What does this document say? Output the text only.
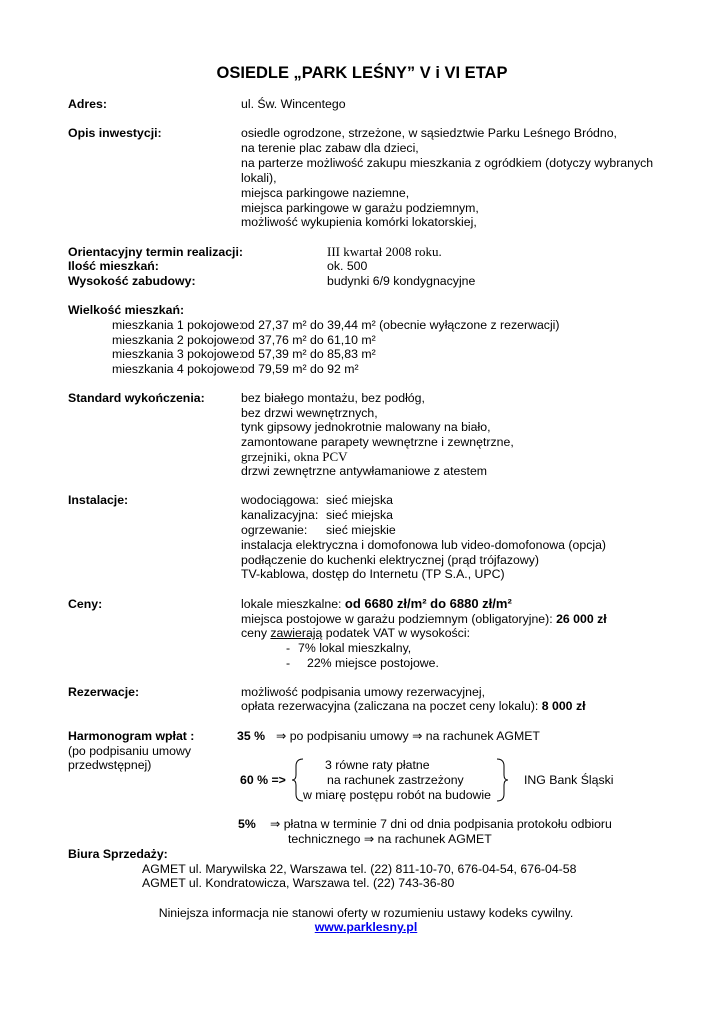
OSIEDLE „PARK LEŚNY” V i VI ETAP
Adres:	ul. Św. Wincentego
Opis inwestycji:	osiedle ogrodzone, strzeżone, w sąsiedztwie Parku Leśnego Bródno,
na terenie plac zabaw dla dzieci,
na parterze możliwość zakupu mieszkania z ogródkiem (dotyczy wybranych
lokali),
miejsca parkingowe naziemne,
miejsca parkingowe w garażu podziemnym,
możliwość wykupienia komórki lokatorskiej,
Orientacyjny termin realizacji:	III kwartał 2008 roku.
Ilość mieszkań:	ok. 500
Wysokość zabudowy:	budynki 6/9 kondygnacyjne
Wielkość mieszkań:
mieszkania 1 pokojowe:
od 27,37 m² do 39,44 m² (obecnie wyłączone z rezerwacji)
mieszkania 2 pokojowe:
od 37,76 m² do 61,10 m²
mieszkania 3 pokojowe:
od 57,39 m² do 85,83 m²
mieszkania 4 pokojowe:
od 79,59 m² do 92 m²
Standard wykończenia:	bez białego montażu, bez podłóg,
bez drzwi wewnętrznych,
tynk gipsowy jednokrotnie malowany na biało,
zamontowane parapety wewnętrzne i zewnętrzne,
grzejniki, okna PCV
drzwi zewnętrzne antywłamaniowe z atestem
Instalacje:	wodociągowa: sieć miejska
kanalizacyjna: sieć miejska
ogrzewanie: sieć miejskie
instalacja elektryczna i domofonowa lub video-domofonowa (opcja)
podłączenie do kuchenki elektrycznej (prąd trójfazowy)
TV-kablowa, dostęp do Internetu (TP S.A., UPC)
Ceny:	lokale mieszkalne: od 6680 zł/m² do 6880 zł/m²
miejsca postojowe w garażu podziemnym (obligatoryjne): 26 000 zł
ceny zawierają podatek VAT w wysokości:
- 7% lokal mieszkalny,
- 22% miejsce postojowe.
Rezerwacje:	możliwość podpisania umowy rezerwacyjnej,
opłata rezerwacyjna (zaliczana na poczet ceny lokalu): 8 000 zł
Harmonogram wpłat :
(po podpisaniu umowy
przedwstępnej)
35 % ⇒ po podpisaniu umowy ⇒ na rachunek AGMET
60 % =>
3 równe raty płatne
na rachunek zastrzeżony
w miarę postępu robót na budowie
ING Bank Śląski
5% ⇒ płatna w terminie 7 dni od dnia podpisania protokołu odbioru
technicznego ⇒ na rachunek AGMET
Biura Sprzedaży:
AGMET ul. Marywilska 22, Warszawa tel. (22) 811-10-70, 676-04-54, 676-04-58
AGMET ul. Kondratowicza, Warszawa tel. (22) 743-36-80
Niniejsza informacja nie stanowi oferty w rozumieniu ustawy kodeks cywilny.
www.parklesny.pl
